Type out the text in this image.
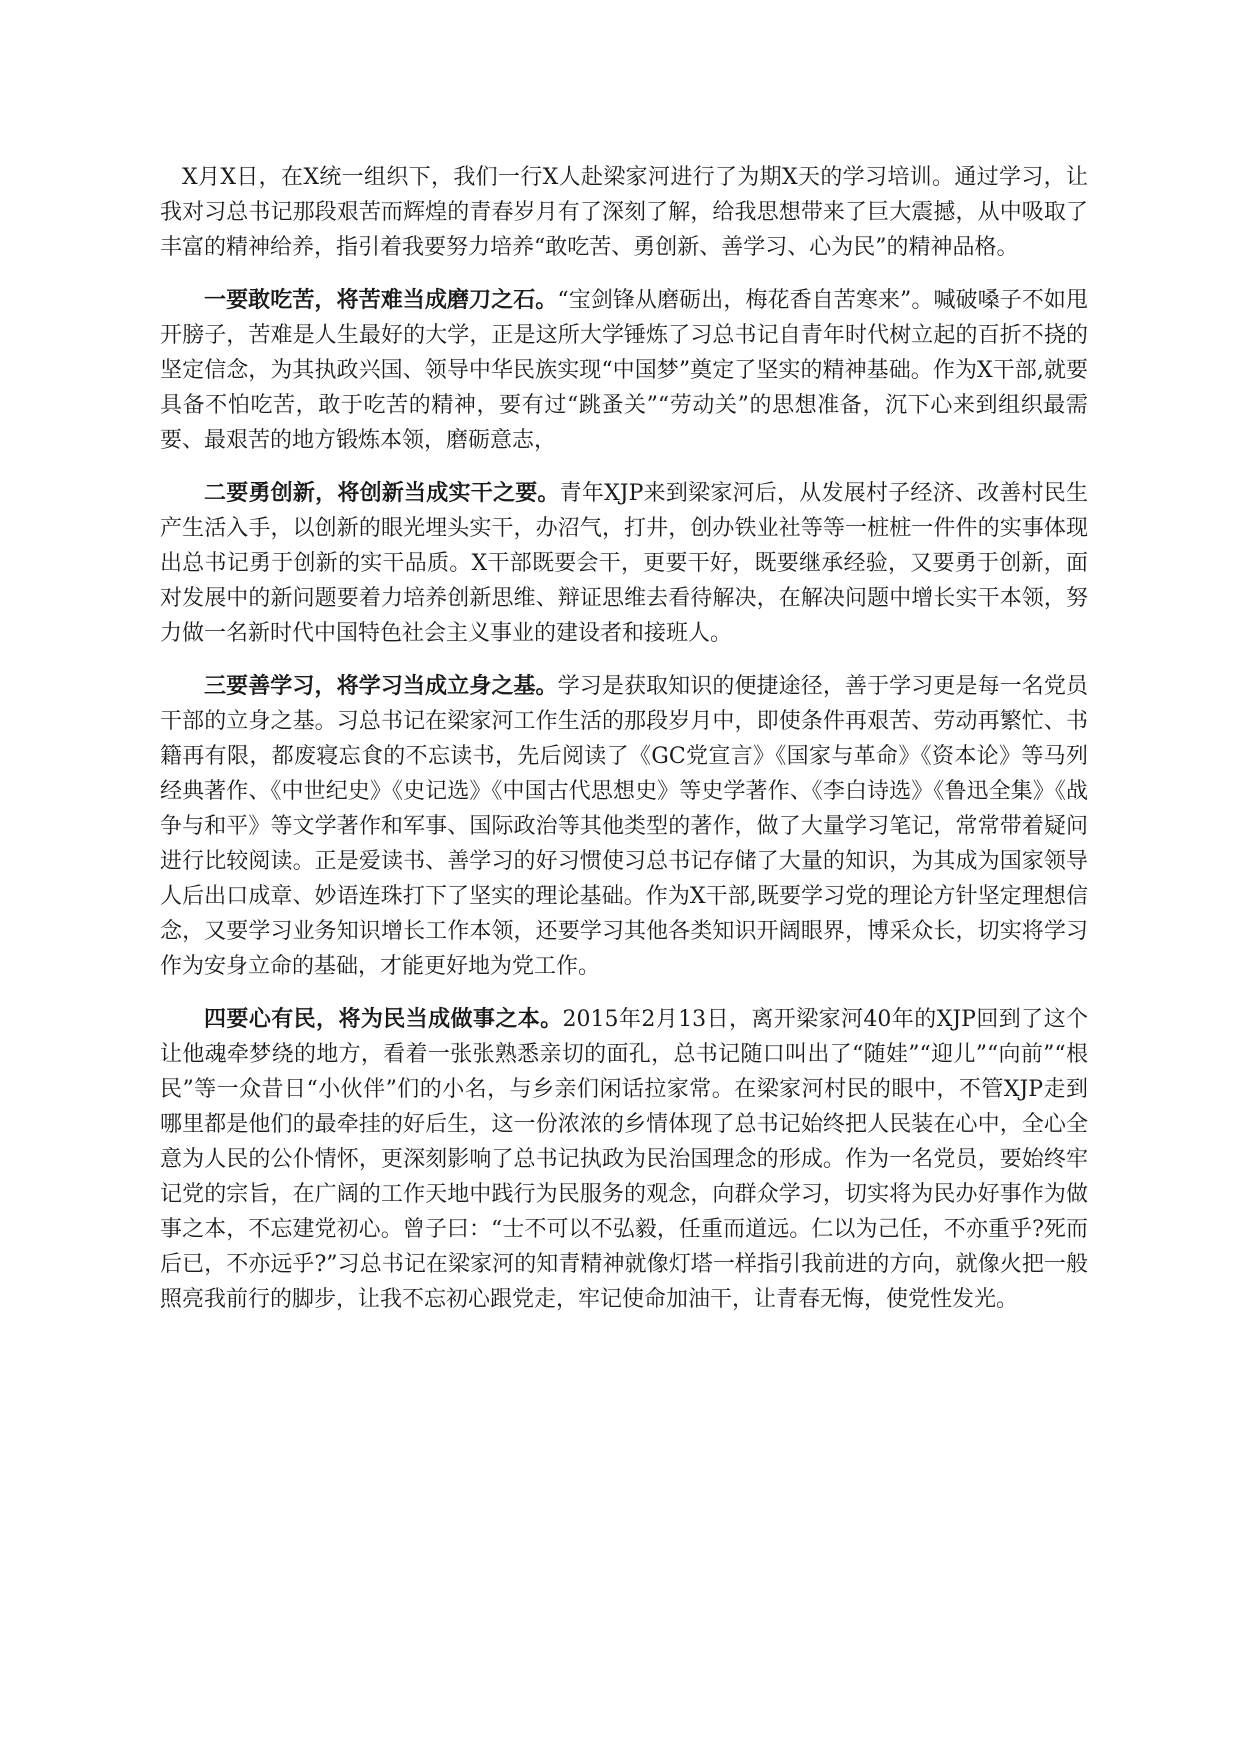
X月X日，在X统一组织下，我们一行X人赴梁家河进行了为期X天的学习培训。通过学习，让我对习总书记那段艰苦而辉煌的青春岁月有了深刻了解，给我思想带来了巨大震撼，从中吸取了丰富的精神给养，指引着我要努力培养“敢吃苦、勇创新、善学习、心为民”的精神品格。

一要敢吃苦，将苦难当成磨刀之石。“宝剑锋从磨砺出，梅花香自苦寒来”。喊破嗓子不如甩开膀子，苦难是人生最好的大学，正是这所大学锤炼了习总书记自青年时代树立起的百折不挠的坚定信念，为其执政兴国、领导中华民族实现“中国梦”奠定了坚实的精神基础。作为X干部,就要具备不怕吃苦，敢于吃苦的精神，要有过“跳蚤关”“劳动关”的思想准备，沉下心来到组织最需要、最艰苦的地方锻炼本领，磨砺意志，

二要勇创新，将创新当成实干之要。青年XJP来到梁家河后，从发展村子经济、改善村民生产生活入手，以创新的眼光埋头实干，办沼气，打井，创办铁业社等等一桩桩一件件的实事体现出总书记勇于创新的实干品质。X干部既要会干，更要干好，既要继承经验，又要勇于创新，面对发展中的新问题要着力培养创新思维、辩证思维去看待解决，在解决问题中增长实干本领，努力做一名新时代中国特色社会主义事业的建设者和接班人。

三要善学习，将学习当成立身之基。学习是获取知识的便捷途径，善于学习更是每一名党员干部的立身之基。习总书记在梁家河工作生活的那段岁月中，即使条件再艰苦、劳动再繁忙、书籍再有限，都废寝忘食的不忘读书，先后阅读了《GC党宣言》《国家与革命》《资本论》等马列经典著作、《中世纪史》《史记选》《中国古代思想史》等史学著作、《李白诗选》《鲁迅全集》《战争与和平》等文学著作和军事、国际政治等其他类型的著作，做了大量学习笔记，常常带着疑问进行比较阅读。正是爱读书、善学习的好习惯使习总书记存储了大量的知识，为其成为国家领导人后出口成章、妙语连珠打下了坚实的理论基础。作为X干部,既要学习党的理论方针坚定理想信念，又要学习业务知识增长工作本领，还要学习其他各类知识开阔眼界，博采众长，切实将学习作为安身立命的基础，才能更好地为党工作。

四要心有民，将为民当成做事之本。2015年2月13日，离开梁家河40年的XJP回到了这个让他魂牵梦绕的地方，看着一张张熟悉亲切的面孔，总书记随口叫出了“随娃”“迎儿”“向前”“根民”等一众昔日“小伙伴”们的小名，与乡亲们闲话拉家常。在梁家河村民的眼中，不管XJP走到哪里都是他们的最牵挂的好后生，这一份浓浓的乡情体现了总书记始终把人民装在心中，全心全意为人民的公仆情怀，更深刻影响了总书记执政为民治国理念的形成。作为一名党员，要始终牢记党的宗旨，在广阔的工作天地中践行为民服务的观念，向群众学习，切实将为民办好事作为做事之本，不忘建党初心。曾子曰：“士不可以不弘毅，任重而道远。仁以为己任，不亦重乎?死而后已，不亦远乎?”习总书记在梁家河的知青精神就像灯塔一样指引我前进的方向，就像火把一般照亮我前行的脚步，让我不忘初心跟党走，牢记使命加油干，让青春无悔，使党性发光。
